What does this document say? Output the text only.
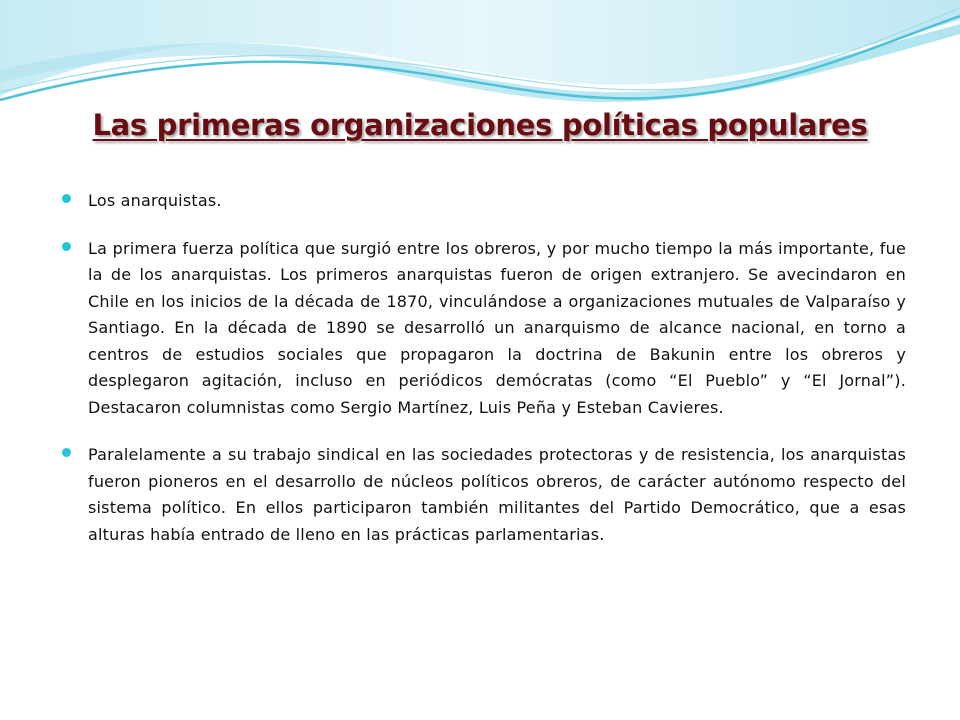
Las primeras organizaciones políticas populares
Los anarquistas.
La primera fuerza política que surgió entre los obreros, y por mucho tiempo la más importante, fue la de los anarquistas. Los primeros anarquistas fueron de origen extranjero. Se avecindaron en Chile en los inicios de la década de 1870, vinculándose a organizaciones mutuales de Valparaíso y Santiago. En la década de 1890 se desarrolló un anarquismo de alcance nacional, en torno a centros de estudios sociales que propagaron la doctrina de Bakunin entre los obreros y desplegaron agitación, incluso en periódicos demócratas (como “El Pueblo” y “El Jornal”). Destacaron columnistas como Sergio Martínez, Luis Peña y Esteban Cavieres.
Paralelamente a su trabajo sindical en las sociedades protectoras y de resistencia, los anarquistas fueron pioneros en el desarrollo de núcleos políticos obreros, de carácter autónomo respecto del sistema político. En ellos participaron también militantes del Partido Democrático, que a esas alturas había entrado de lleno en las prácticas parlamentarias.
